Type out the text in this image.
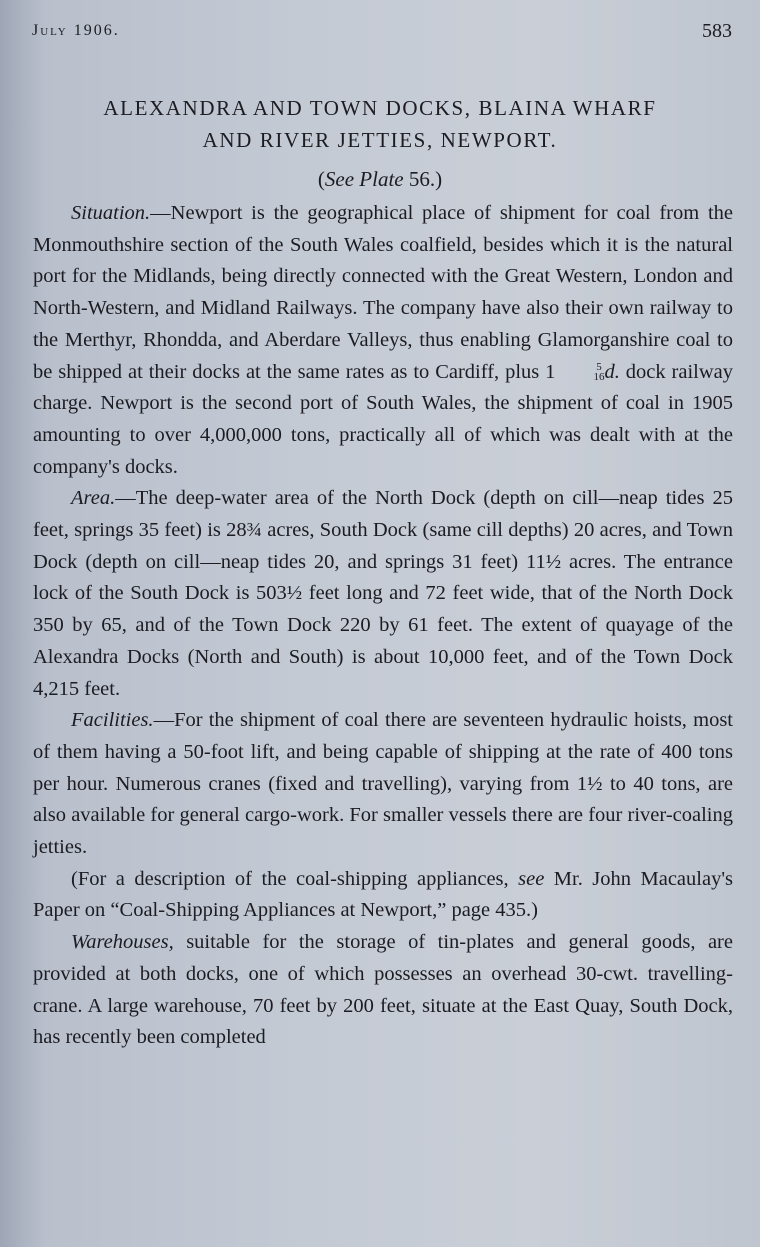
July 1906.	583
ALEXANDRA AND TOWN DOCKS, BLAINA WHARF
AND RIVER JETTIES, NEWPORT.
(See Plate 56.)

Situation.—Newport is the geographical place of shipment for coal from the Monmouthshire section of the South Wales coalfield, besides which it is the natural port for the Midlands, being directly connected with the Great Western, London and North-Western, and Midland Railways. The company have also their own railway to the Merthyr, Rhondda, and Aberdare Valleys, thus enabling Glamorganshire coal to be shipped at their docks at the same rates as to Cardiff, plus 1	5
16 d. dock railway charge. Newport is the second port of South Wales, the shipment of coal in 1905 amounting to over 4,000,000 tons, practically all of which was dealt with at the company's docks.

Area.—The deep-water area of the North Dock (depth on cill—neap tides 25 feet, springs 35 feet) is 28¾ acres, South Dock (same cill depths) 20 acres, and Town Dock (depth on cill—neap tides 20, and springs 31 feet) 11½ acres. The entrance lock of the South Dock is 503½ feet long and 72 feet wide, that of the North Dock 350 by 65, and of the Town Dock 220 by 61 feet. The extent of quayage of the Alexandra Docks (North and South) is about 10,000 feet, and of the Town Dock 4,215 feet.

Facilities.—For the shipment of coal there are seventeen hydraulic hoists, most of them having a 50-foot lift, and being capable of shipping at the rate of 400 tons per hour. Numerous cranes (fixed and travelling), varying from 1½ to 40 tons, are also available for general cargo-work. For smaller vessels there are four river-coaling jetties.

(For a description of the coal-shipping appliances, see Mr. John Macaulay's Paper on “Coal-Shipping Appliances at Newport,” page 435.)

Warehouses, suitable for the storage of tin-plates and general goods, are provided at both docks, one of which possesses an overhead 30-cwt. travelling-crane. A large warehouse, 70 feet by 200 feet, situate at the East Quay, South Dock, has recently been completed
